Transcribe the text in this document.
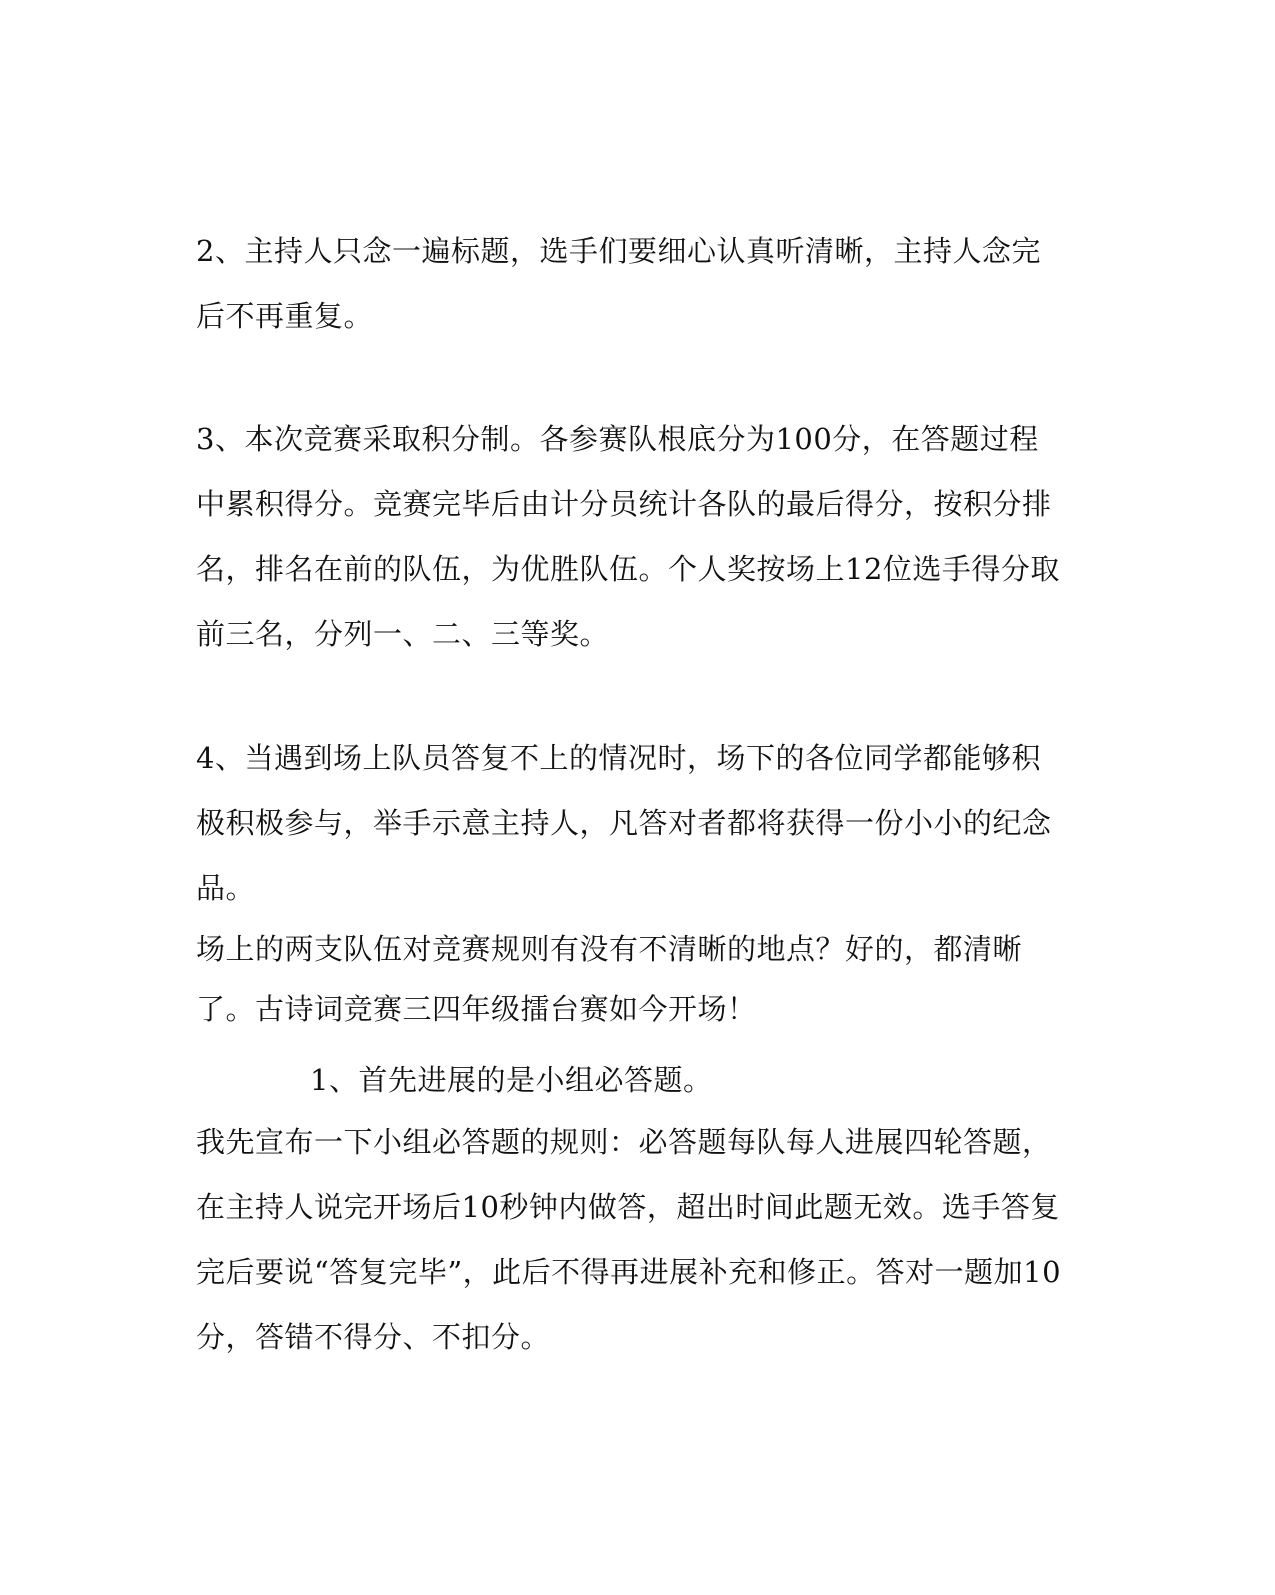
2、主持人只念一遍标题，选手们要细心认真听清晰，主持人念完后不再重复。

3、本次竞赛采取积分制。各参赛队根底分为100分，在答题过程中累积得分。竞赛完毕后由计分员统计各队的最后得分，按积分排名，排名在前的队伍，为优胜队伍。个人奖按场上12位选手得分取前三名，分列一、二、三等奖。

4、当遇到场上队员答复不上的情况时，场下的各位同学都能够积极积极参与，举手示意主持人，凡答对者都将获得一份小小的纪念品。

场上的两支队伍对竞赛规则有没有不清晰的地点？好的，都清晰了。古诗词竞赛三四年级擂台赛如今开场！

1、首先进展的是小组必答题。

我先宣布一下小组必答题的规则：必答题每队每人进展四轮答题，在主持人说完开场后10秒钟内做答，超出时间此题无效。选手答复完后要说“答复完毕”，此后不得再进展补充和修正。答对一题加10分，答错不得分、不扣分。
